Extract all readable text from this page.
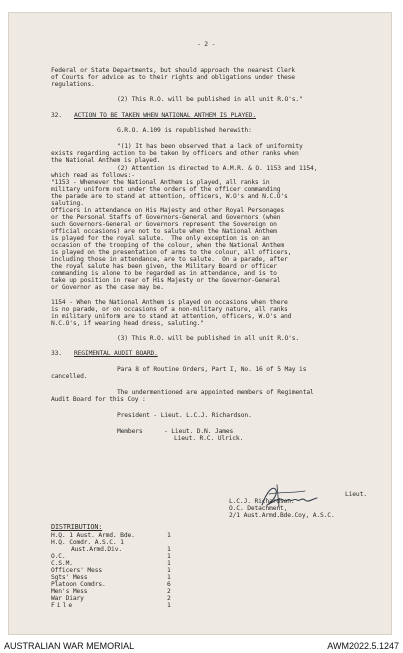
- 2 -
Federal or State Departments, but should approach the nearest Clerk
of Courts for advice as to their rights and obligations under these
regulations.
(2) This R.O. will be published in all unit R.O's."
32. ACTION TO BE TAKEN WHEN NATIONAL ANTHEM IS PLAYED.
G.R.O. A.109 is republished herewith:
"(1) It has been observed that a lack of uniformity
exists regarding action to be taken by officers and other ranks when
the National Anthem is played.
(2) Attention is directed to A.M.R. & O. 1153 and 1154,
which read as follows:-
"1153 - Whenever the National Anthem is played, all ranks in
military uniform not under the orders of the officer commanding
the parade are to stand at attention, officers, W.O's and N.C.O's
saluting.
Officers in attendance on His Majesty and other Royal Personages
or the Personal Staffs of Governors-General and Governors (when
such Governors-General or Governors represent the Sovereign on
official occasions) are not to salute when the National Anthem
is played for the royal salute.  The only exception is on an
occasion of the trooping of the colour, when the National Anthem
is played on the presentation of arms to the colour, all officers,
including those in attendance, are to salute.  On a parade, after
the royal salute has been given, the Military Board or officer
commanding is alone to be regarded as in attendance, and is to
take up position in rear of His Majesty or the Governor-General
or Governor as the case may be.
1154 - When the National Anthem is played on occasions when there
is no parade, or on occasions of a non-military nature, all ranks
in military uniform are to stand at attention, officers, W.O's and
N.C.O's, if wearing head dress, saluting."
(3) This R.O. will be published in all unit R.O's.
33. REGIMENTAL AUDIT BOARD.
Para 8 of Routine Orders, Part I, No. 16 of 5 May is
cancelled.
The undermentioned are appointed members of Regimental
Audit Board for this Coy :
President - Lieut. L.C.J. Richardson.
Members	- Lieut. D.N. James
Lieut. R.C. Ulrick.
Lieut.
L.C.J. Richardson.
O.C. Detachment,
2/1 Aust.Armd.Bde.Coy, A.S.C.
DISTRIBUTION:
H.Q. 1 Aust. Armd. Bde.	1
H.Q. Comdr. A.S.C. 1
Aust.Armd.Div.	1
O.C.	1
C.S.M.	1
Officers' Mess	1
Sgts' Mess	1
Platoon Comdrs.	6
Men's Mess	2
War Diary	2
File	1
AUSTRALIAN WAR MEMORIAL	AWM2022.5.1247
